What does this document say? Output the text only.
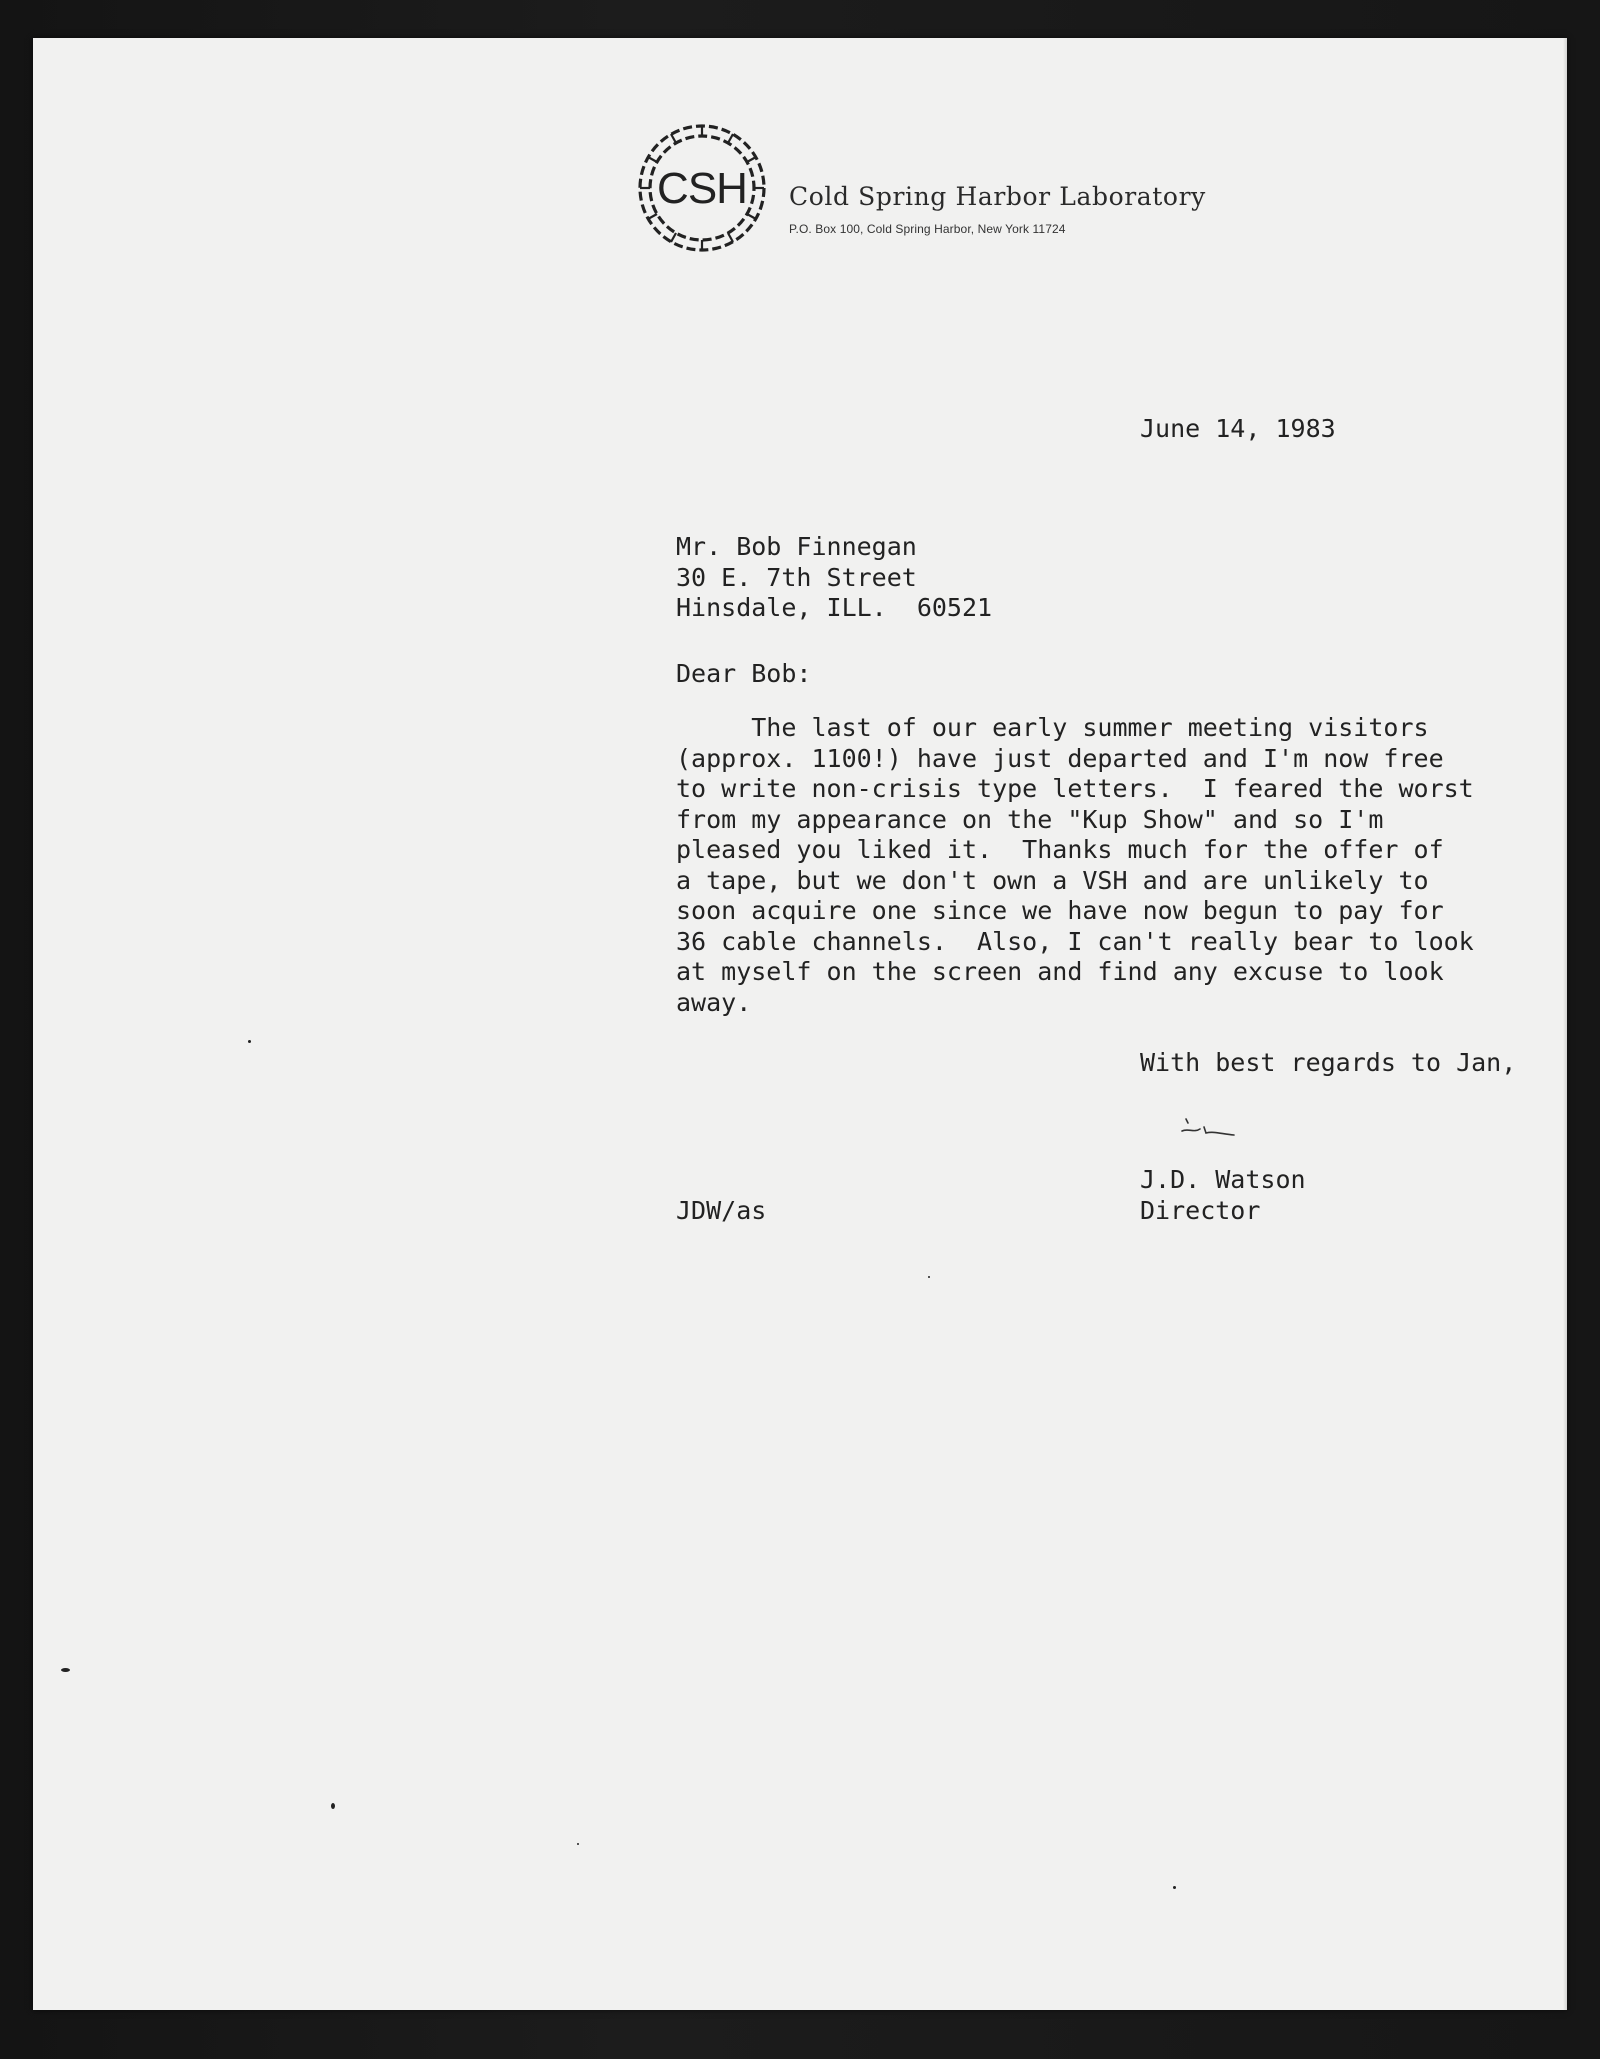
CSH Cold Spring Harbor Laboratory
P.O. Box 100, Cold Spring Harbor, New York 11724
June 14, 1983
Mr. Bob Finnegan
30 E. 7th Street
Hinsdale, ILL.  60521
Dear Bob:
The last of our early summer meeting visitors
(approx. 1100!) have just departed and I'm now free
to write non-crisis type letters.  I feared the worst
from my appearance on the "Kup Show" and so I'm
pleased you liked it.  Thanks much for the offer of
a tape, but we don't own a VSH and are unlikely to
soon acquire one since we have now begun to pay for
36 cable channels.  Also, I can't really bear to look
at myself on the screen and find any excuse to look
away.
With best regards to Jan,
J.D. Watson
Director
JDW/as
